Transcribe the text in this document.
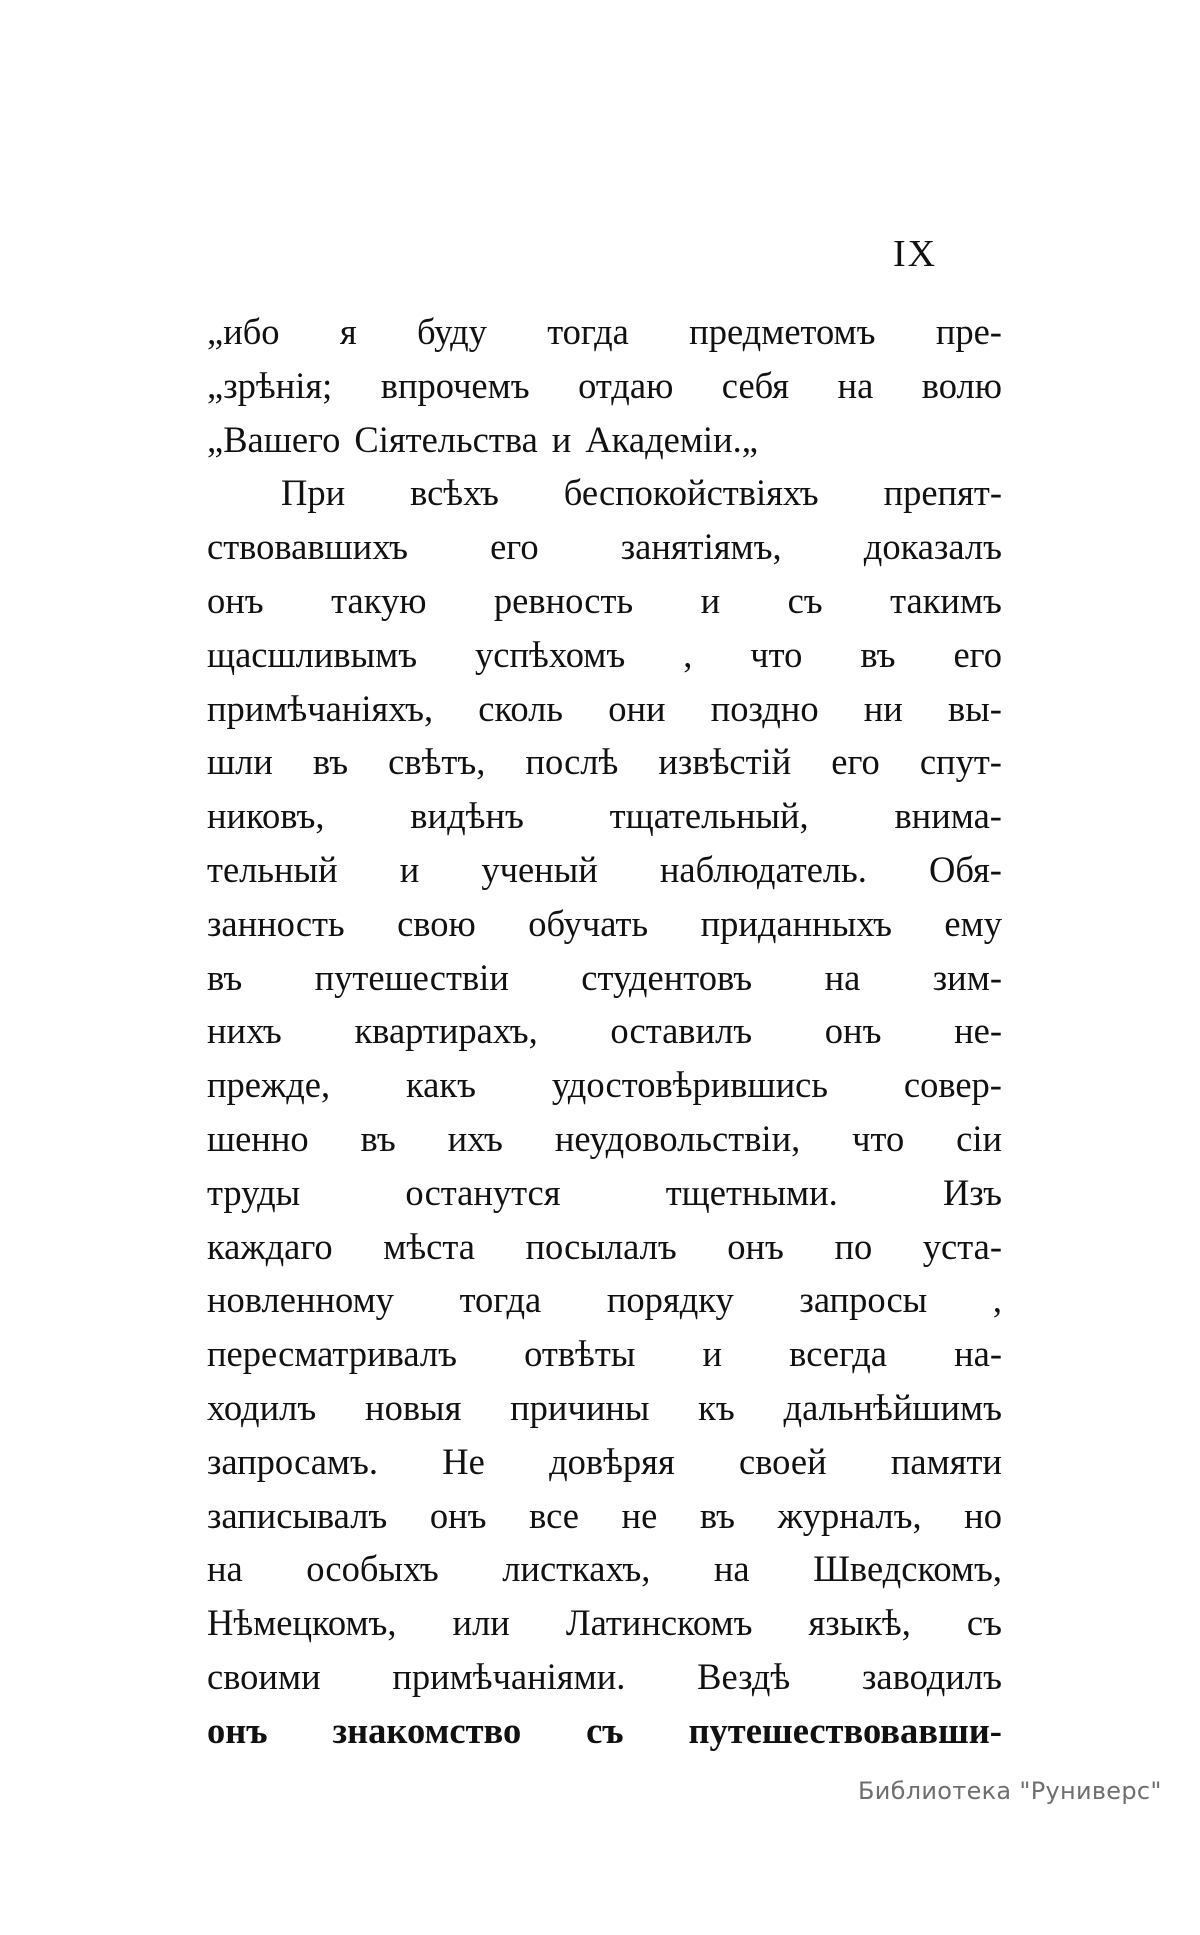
IX
„ибо я буду тогда предметомъ пре-
„зрѣнія; впрочемъ отдаю себя на волю
„Вашего Сіятельства и Академіи.„
При всѣхъ беспокойствіяхъ препят-
ствовавшихъ его занятіямъ, доказалъ
онъ такую ревность и съ такимъ
щасшливымъ успѣхомъ , что въ его
примѣчаніяхъ, сколь они поздно ни вы-
шли въ свѣтъ, послѣ извѣстій его спут-
никовъ, видѣнъ тщательный, внима-
тельный и ученый наблюдатель. Обя-
занность свою обучать приданныхъ ему
въ путешествіи студентовъ на зим-
нихъ квартирахъ, оставилъ онъ не-
прежде, какъ удостовѣрившись совер-
шенно въ ихъ неудовольствіи, что сіи
труды	останутся	тщетными.	Изъ
каждаго мѣста посылалъ онъ по уста-
новленному тогда порядку запросы ,
пересматривалъ отвѣты и всегда на-
ходилъ новыя причины къ дальнѣйшимъ
запросамъ. Не довѣряя своей памяти
записывалъ онъ все не въ журналъ, но
на особыхъ листкахъ, на Шведскомъ,
Нѣмецкомъ, или Латинскомъ языкѣ, съ
своими примѣчаніями. Вездѣ заводилъ
онъ знакомство съ путешествовавши-
Библиотека "Руниверс"
